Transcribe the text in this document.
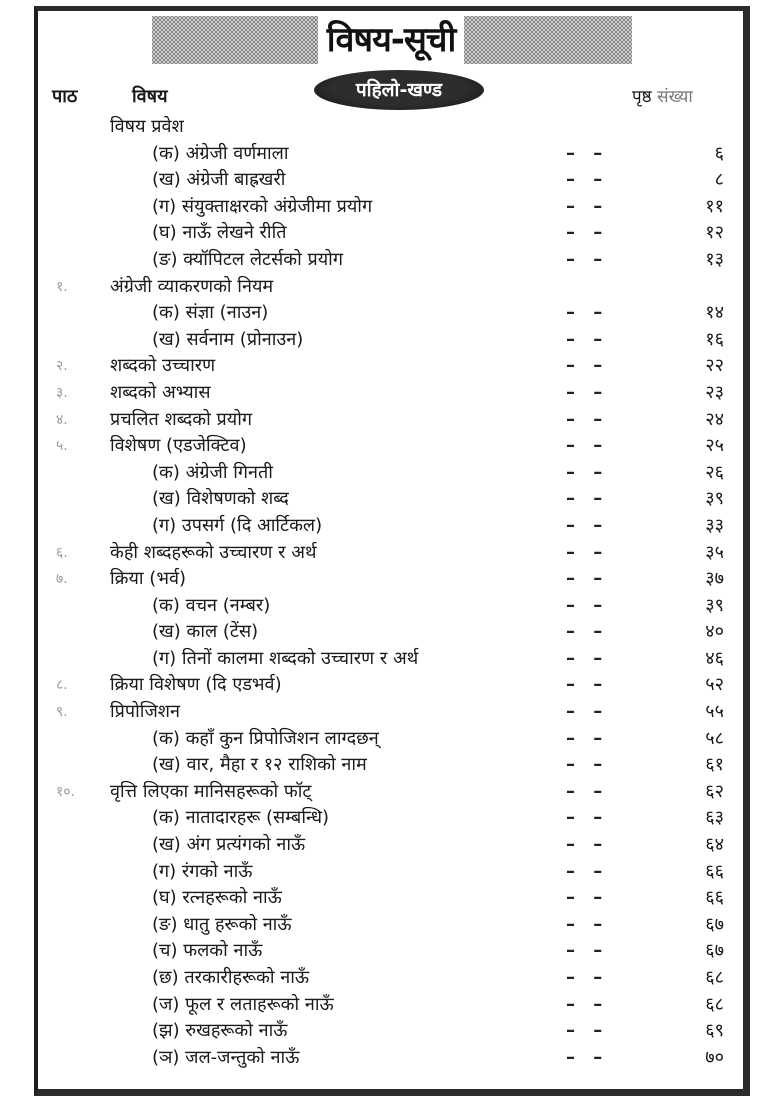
विषय-सूची
पहिलो-खण्ड
पाठ	विषय	पृष्ठ संख्या
विषय प्रवेश
(क) अंग्रेजी वर्णमाला	– –	६
(ख) अंग्रेजी बाह्रखरी	– –	८
(ग) संयुक्ताक्षरको अंग्रेजीमा प्रयोग	– –	११
(घ) नाऊँ लेखने रीति	– –	१२
(ङ) क्यॉपिटल लेटर्सको प्रयोग	– –	१३
१.	अंग्रेजी व्याकरणको नियम
(क) संज्ञा (नाउन)	– –	१४
(ख) सर्वनाम (प्रोनाउन)	– –	१६
२.	शब्दको उच्चारण	– –	२२
३.	शब्दको अभ्यास	– –	२३
४.	प्रचलित शब्दको प्रयोग	– –	२४
५.	विशेषण (एडजेक्टिव)	– –	२५
(क) अंग्रेजी गिनती	– –	२६
(ख) विशेषणको शब्द	– –	३९
(ग) उपसर्ग (दि आर्टिकल)	– –	३३
६.	केही शब्दहरूको उच्चारण र अर्थ	– –	३५
७.	क्रिया (भर्व)	– –	३७
(क) वचन (नम्बर)	– –	३९
(ख) काल (टेंस)	– –	४०
(ग) तिनों कालमा शब्दको उच्चारण र अर्थ	– –	४६
८.	क्रिया विशेषण (दि एडभर्व)	– –	५२
९.	प्रिपोजिशन	– –	५५
(क) कहाँ कुन प्रिपोजिशन लाग्दछन्	– –	५८
(ख) वार, मैहा र १२ राशिको नाम	– –	६१
१०.	वृत्ति लिएका मानिसहरूको फॉट्	– –	६२
(क) नातादारहरू (सम्बन्धि)	– –	६३
(ख) अंग प्रत्यंगको नाऊँ	– –	६४
(ग) रंगको नाऊँ	– –	६६
(घ) रत्नहरूको नाऊँ	– –	६६
(ङ) धातु हरूको नाऊँ	– –	६७
(च) फलको नाऊँ	– –	६७
(छ) तरकारीहरूको नाऊँ	– –	६८
(ज) फूल र लताहरूको नाऊँ	– –	६८
(झ) रुखहरूको नाऊँ	– –	६९
(ञ) जल-जन्तुको नाऊँ	– –	७०
